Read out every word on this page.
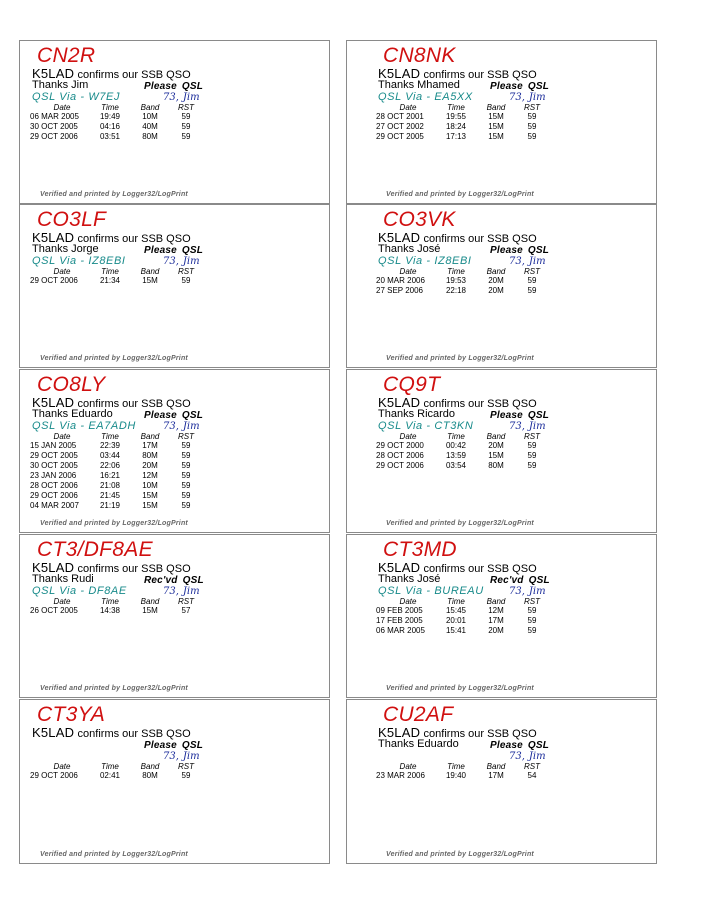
CN2R
K5LAD confirms our SSB QSO
Thanks Jim	Please QSL
QSL Via - W7EJ	73, Jim
Date	Time	Band	RST
06 MAR 2005	19:49	10M	59
30 OCT 2005	04:16	40M	59
29 OCT 2006	03:51	80M	59
Verified and printed by Logger32/LogPrint
CN8NK
K5LAD confirms our SSB QSO
Thanks Mhamed	Please QSL
QSL Via - EA5XX	73, Jim
Date	Time	Band	RST
28 OCT 2001	19:55	15M	59
27 OCT 2002	18:24	15M	59
29 OCT 2005	17:13	15M	59
Verified and printed by Logger32/LogPrint
CO3LF
K5LAD confirms our SSB QSO
Thanks Jorge	Please QSL
QSL Via - IZ8EBI	73, Jim
Date	Time	Band	RST
29 OCT 2006	21:34	15M	59
Verified and printed by Logger32/LogPrint
CO3VK
K5LAD confirms our SSB QSO
Thanks José	Please QSL
QSL Via - IZ8EBI	73, Jim
Date	Time	Band	RST
20 MAR 2006	19:53	20M	59
27 SEP 2006	22:18	20M	59
Verified and printed by Logger32/LogPrint
CO8LY
K5LAD confirms our SSB QSO
Thanks Eduardo	Please QSL
QSL Via - EA7ADH	73, Jim
Date	Time	Band	RST
15 JAN 2005	22:39	17M	59
29 OCT 2005	03:44	80M	59
30 OCT 2005	22:06	20M	59
23 JAN 2006	16:21	12M	59
28 OCT 2006	21:08	10M	59
29 OCT 2006	21:45	15M	59
04 MAR 2007	21:19	15M	59
Verified and printed by Logger32/LogPrint
CQ9T
K5LAD confirms our SSB QSO
Thanks Ricardo	Please QSL
QSL Via - CT3KN	73, Jim
Date	Time	Band	RST
29 OCT 2000	00:42	20M	59
28 OCT 2006	13:59	15M	59
29 OCT 2006	03:54	80M	59
Verified and printed by Logger32/LogPrint
CT3/DF8AE
K5LAD confirms our SSB QSO
Thanks Rudi	Rec'vd QSL
QSL Via - DF8AE	73, Jim
Date	Time	Band	RST
26 OCT 2005	14:38	15M	57
Verified and printed by Logger32/LogPrint
CT3MD
K5LAD confirms our SSB QSO
Thanks José	Rec'vd QSL
QSL Via - BUREAU	73, Jim
Date	Time	Band	RST
09 FEB 2005	15:45	12M	59
17 FEB 2005	20:01	17M	59
06 MAR 2005	15:41	20M	59
Verified and printed by Logger32/LogPrint
CT3YA
K5LAD confirms our SSB QSO
Please QSL
73, Jim
Date	Time	Band	RST
29 OCT 2006	02:41	80M	59
Verified and printed by Logger32/LogPrint
CU2AF
K5LAD confirms our SSB QSO
Thanks Eduardo	Please QSL
73, Jim
Date	Time	Band	RST
23 MAR 2006	19:40	17M	54
Verified and printed by Logger32/LogPrint
